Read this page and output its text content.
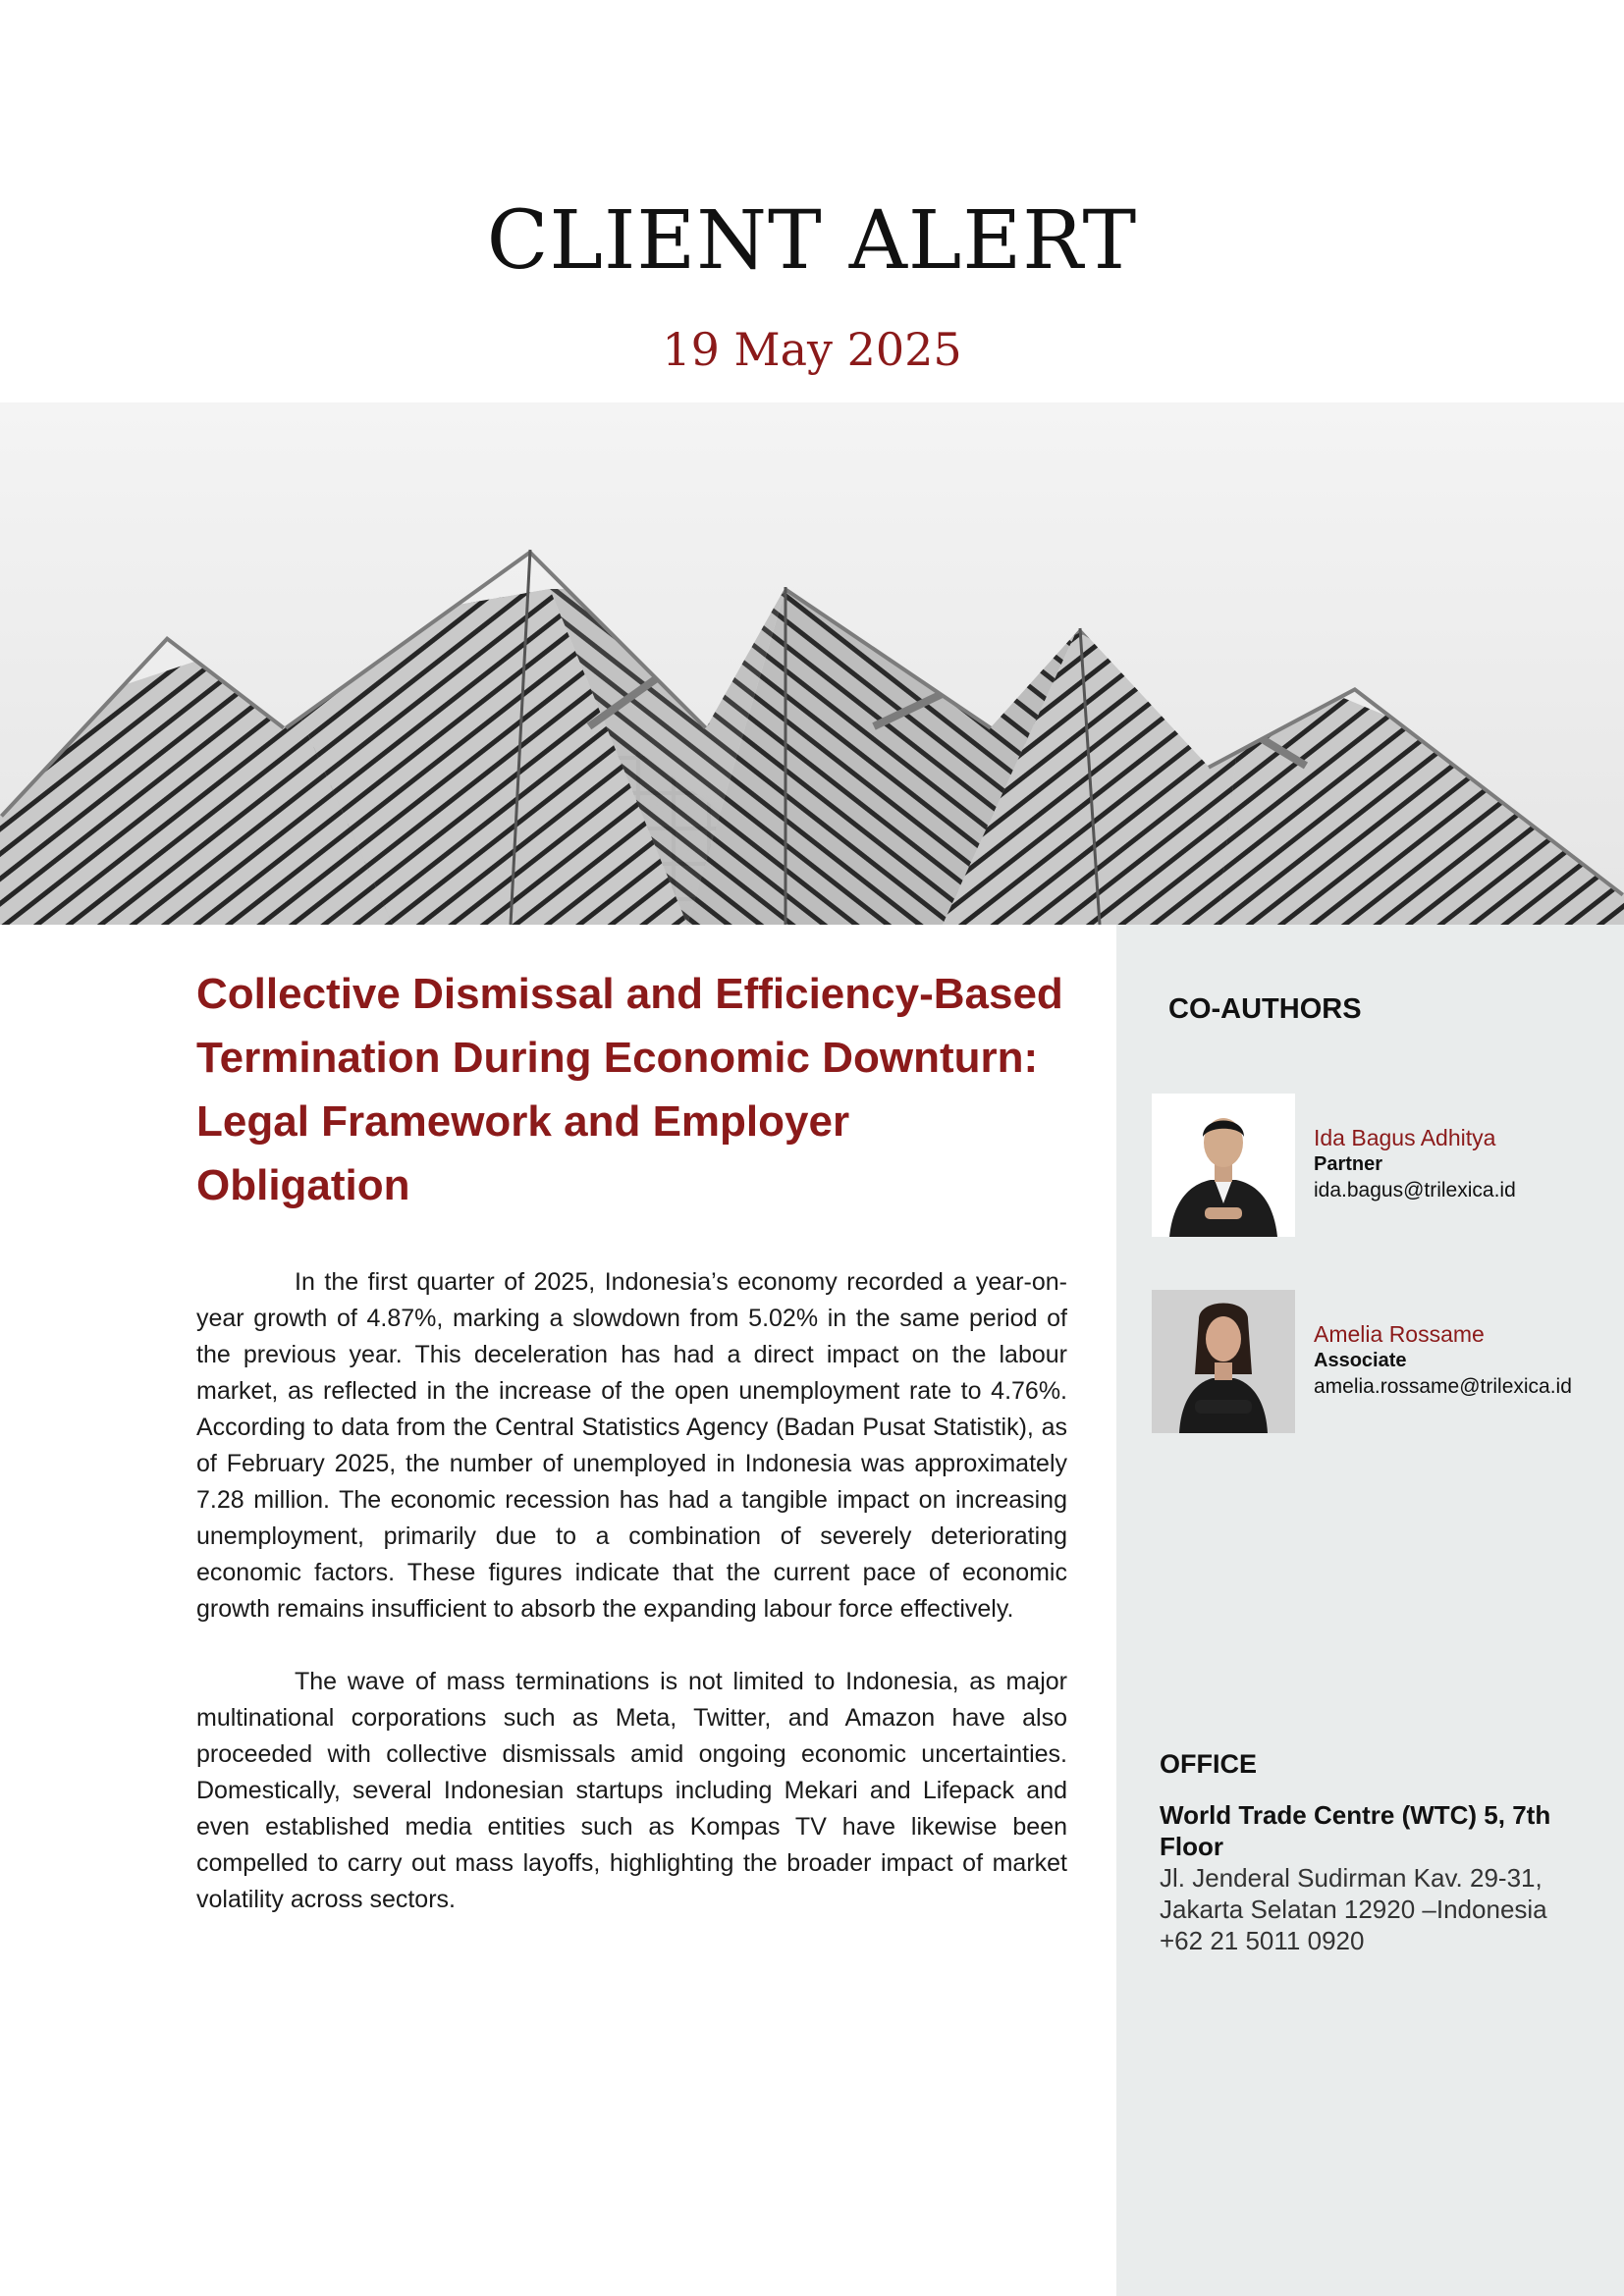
CLIENT ALERT
19 May 2025
Collective Dismissal and Efficiency-Based Termination During Economic Downturn: Legal Framework and Employer Obligation

In the first quarter of 2025, Indonesia’s economy recorded a year-on-year growth of 4.87%, marking a slowdown from 5.02% in the same period of the previous year. This deceleration has had a direct impact on the labour market, as reflected in the increase of the open unemployment rate to 4.76%. According to data from the Central Statistics Agency (Badan Pusat Statistik), as of February 2025, the number of unemployed in Indonesia was approximately 7.28 million. The economic recession has had a tangible impact on increasing unemployment, primarily due to a combination of severely deteriorating economic factors. These figures indicate that the current pace of economic growth remains insufficient to absorb the expanding labour force effectively.

The wave of mass terminations is not limited to Indonesia, as major multinational corporations such as Meta, Twitter, and Amazon have also proceeded with collective dismissals amid ongoing economic uncertainties. Domestically, several Indonesian startups including Mekari and Lifepack and even established media entities such as Kompas TV have likewise been compelled to carry out mass layoffs, highlighting the broader impact of market volatility across sectors.

CO-AUTHORS
Ida Bagus Adhitya
Partner
ida.bagus@trilexica.id
Amelia Rossame
Associate
amelia.rossame@trilexica.id
OFFICE
World Trade Centre (WTC) 5, 7th Floor
Jl. Jenderal Sudirman Kav. 29-31,
Jakarta Selatan 12920 –Indonesia
+62 21 5011 0920
